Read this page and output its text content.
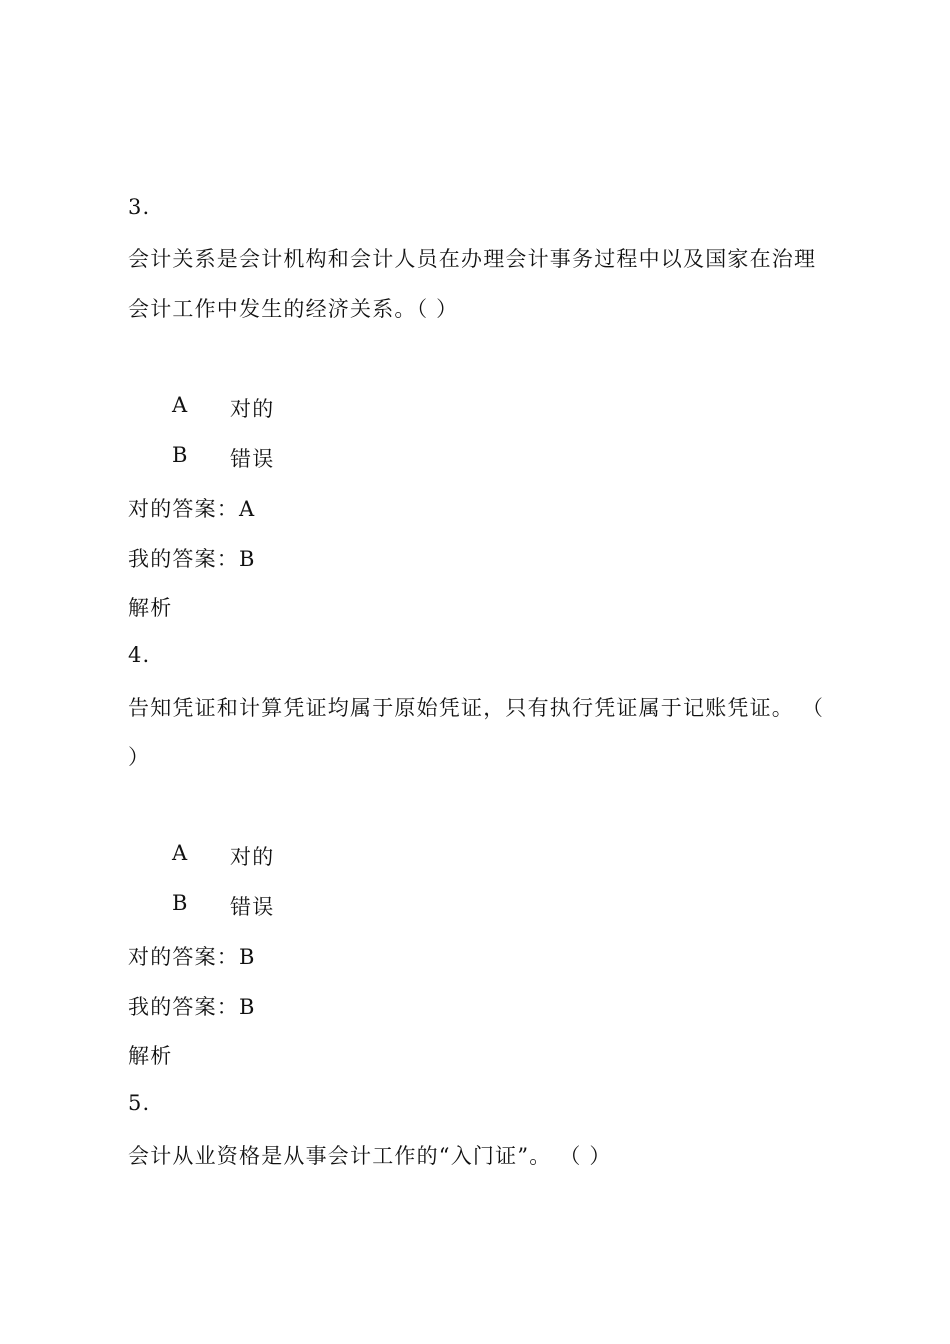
3.
会计关系是会计机构和会计人员在办理会计事务过程中以及国家在治理
会计工作中发生的经济关系。（ ）
A 对的
B 错误
对的答案：A
我的答案：B
解析
4.
告知凭证和计算凭证均属于原始凭证，只有执行凭证属于记账凭证。 （
）
A 对的
B 错误
对的答案：B
我的答案：B
解析
5.
会计从业资格是从事会计工作的“入门证”。 （ ）
